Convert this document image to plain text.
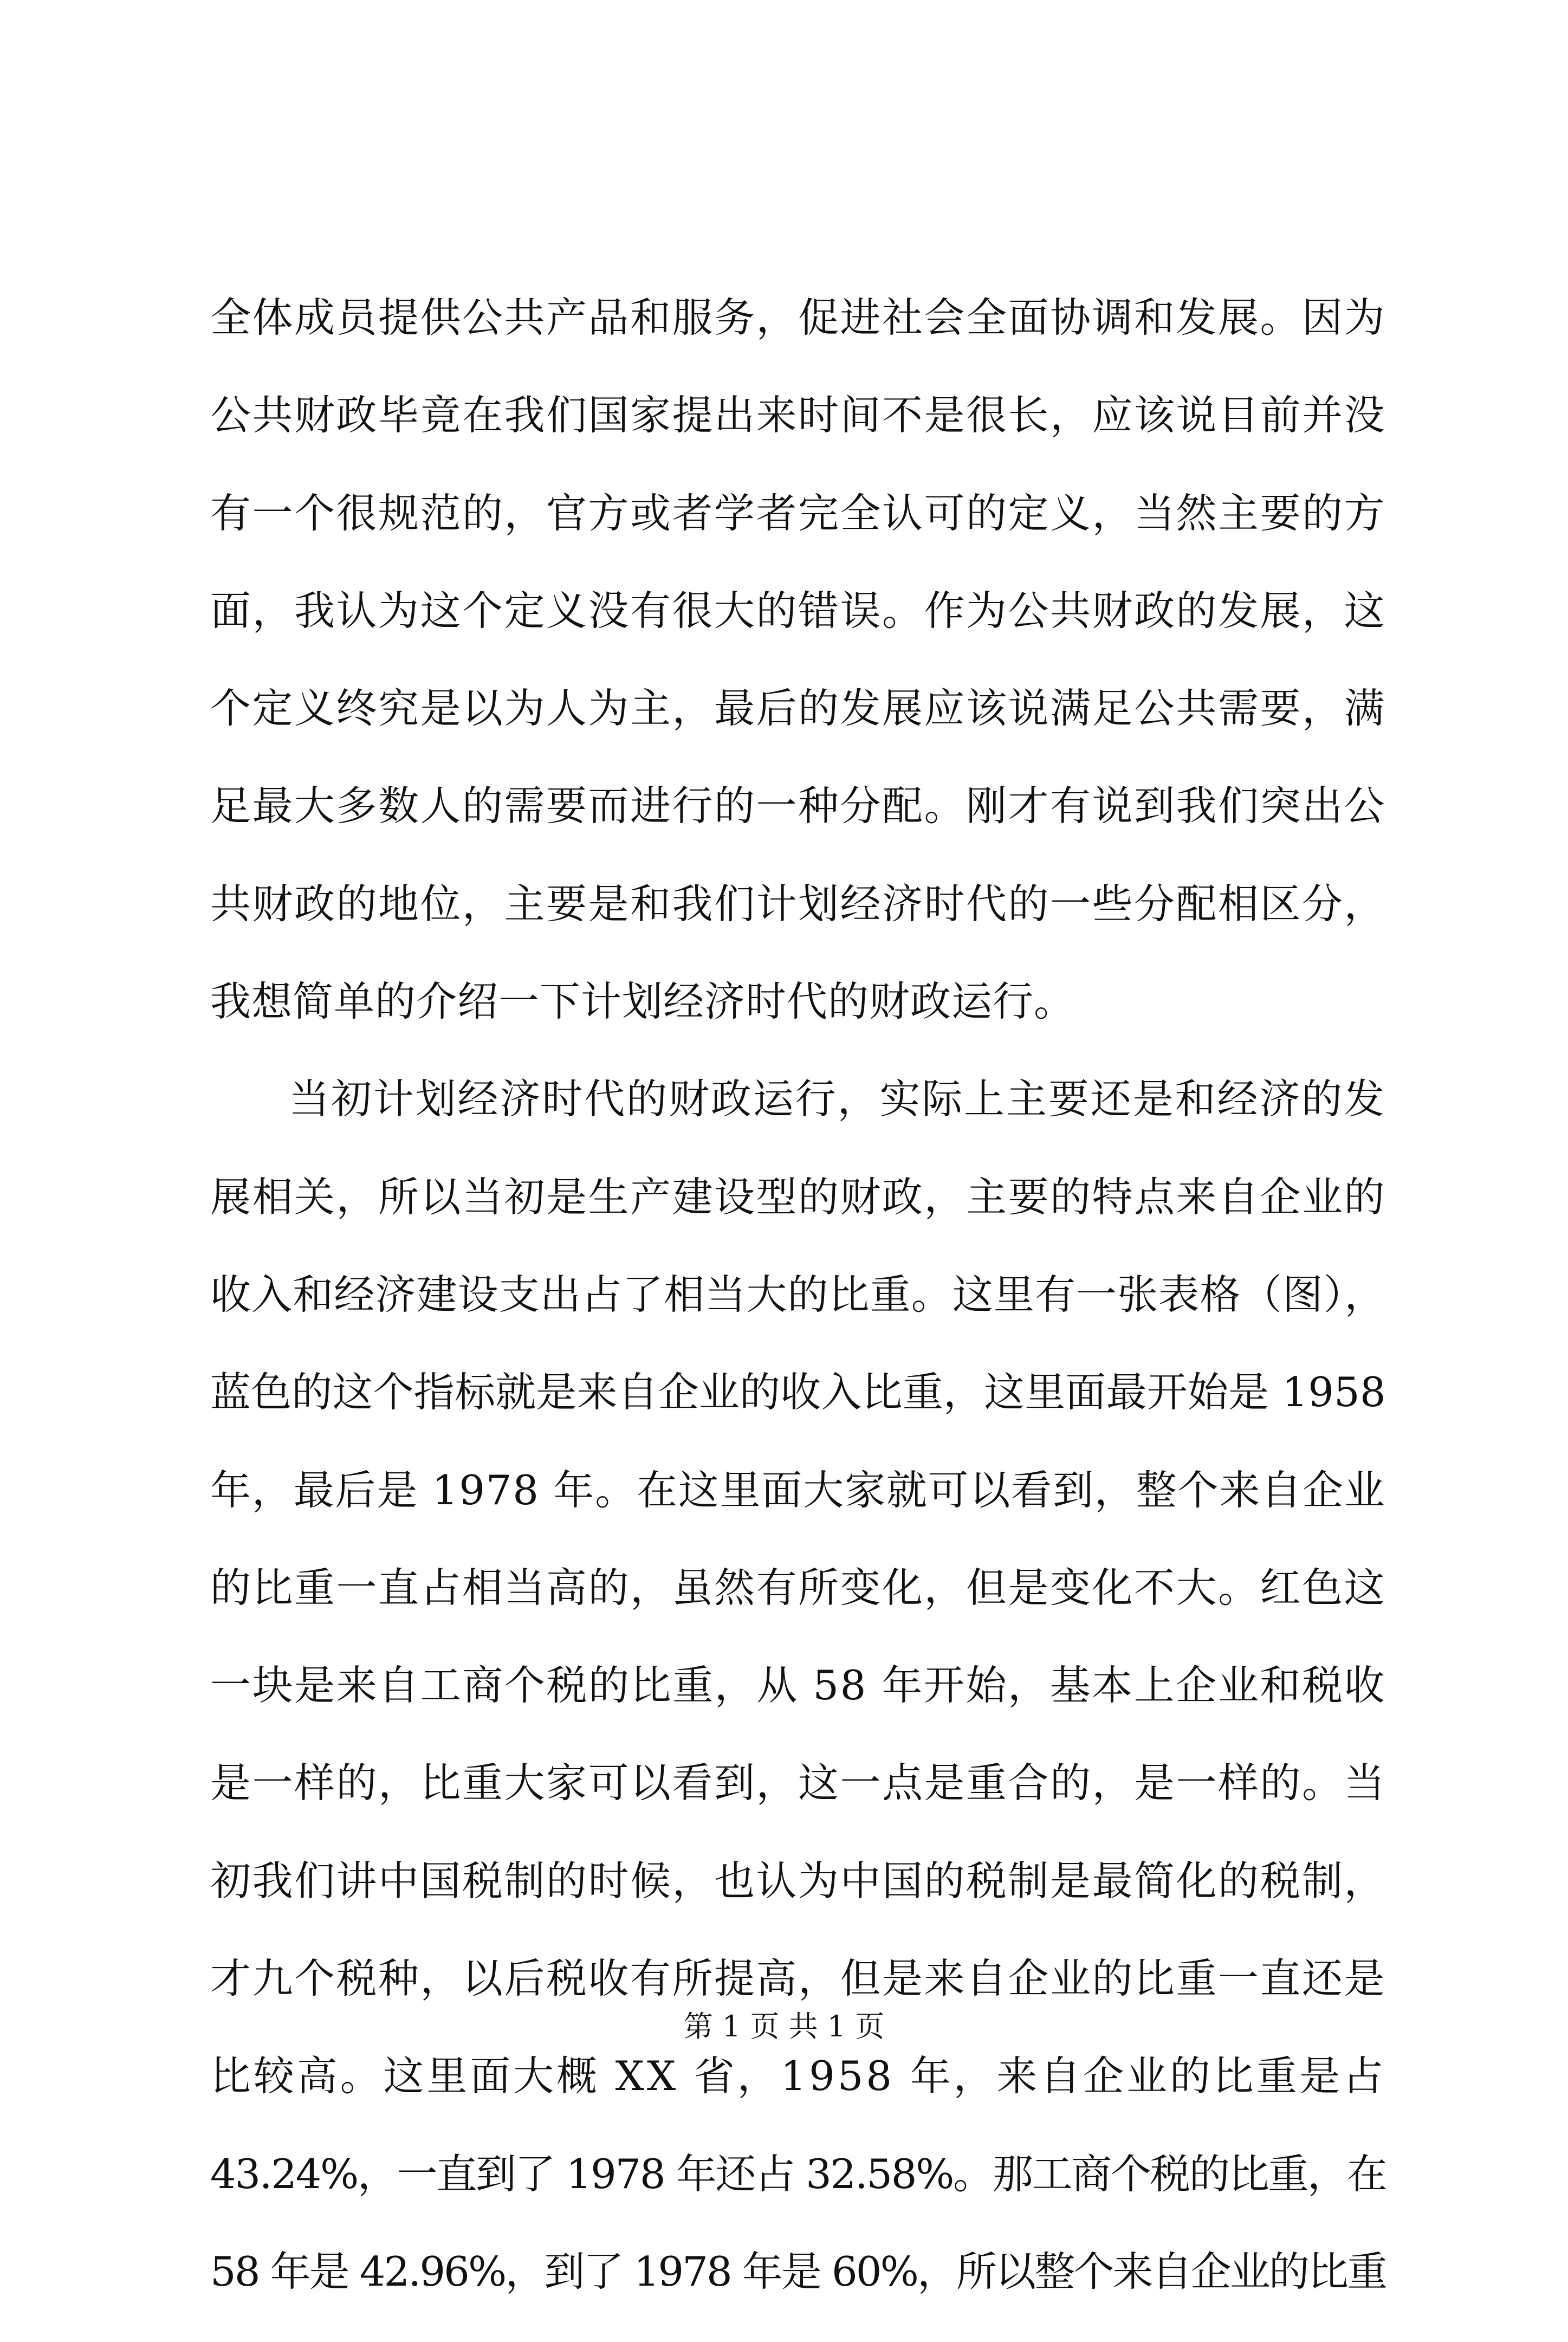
全体成员提供公共产品和服务，促进社会全面协调和发展。因为
公共财政毕竟在我们国家提出来时间不是很长，应该说目前并没
有一个很规范的，官方或者学者完全认可的定义，当然主要的方
面，我认为这个定义没有很大的错误。作为公共财政的发展，这
个定义终究是以为人为主，最后的发展应该说满足公共需要，满
足最大多数人的需要而进行的一种分配。刚才有说到我们突出公
共财政的地位，主要是和我们计划经济时代的一些分配相区分，
我想简单的介绍一下计划经济时代的财政运行。
当初计划经济时代的财政运行，实际上主要还是和经济的发
展相关，所以当初是生产建设型的财政，主要的特点来自企业的
收入和经济建设支出占了相当大的比重。这里有一张表格（图），
蓝色的这个指标就是来自企业的收入比重，这里面最开始是 1958
年，最后是 1978 年。在这里面大家就可以看到，整个来自企业
的比重一直占相当高的，虽然有所变化，但是变化不大。红色这
一块是来自工商个税的比重，从 58 年开始，基本上企业和税收
是一样的，比重大家可以看到，这一点是重合的，是一样的。当
初我们讲中国税制的时候，也认为中国的税制是最简化的税制，
才九个税种，以后税收有所提高，但是来自企业的比重一直还是
比较高。这里面大概 XX 省，1958 年，来自企业的比重是占
43.24%，一直到了 1978 年还占 32.58%。那工商个税的比重，在
58 年是 42.96%，到了 1978 年是 60%，所以整个来自企业的比重
第 1 页 共 1 页
